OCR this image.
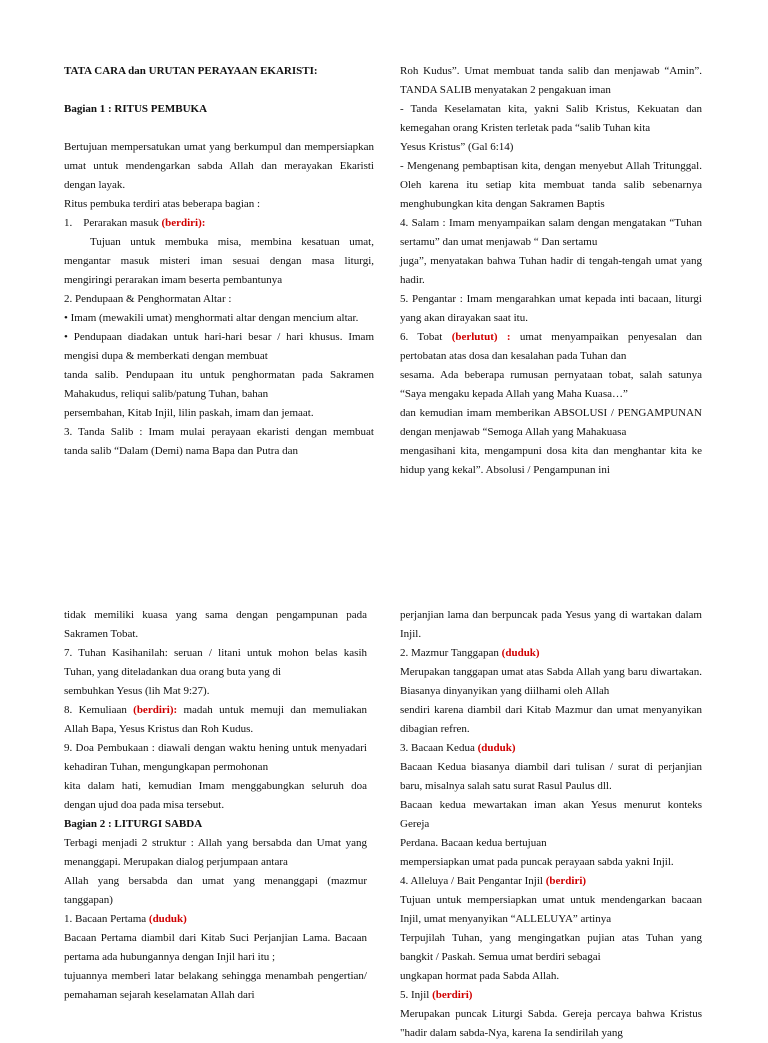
TATA CARA dan URUTAN PERAYAAN EKARISTI:
Bagian 1 : RITUS PEMBUKA
Bertujuan mempersatukan umat yang berkumpul dan mempersiapkan
umat untuk mendengarkan sabda Allah dan merayakan Ekaristi
dengan layak.
Ritus pembuka terdiri atas beberapa bagian :
1. Perarakan masuk (berdiri):
Tujuan untuk membuka misa, membina kesatuan umat,
mengantar masuk misteri iman sesuai dengan masa liturgi,
mengiringi perarakan imam beserta pembantunya
2. Pendupaan & Penghormatan Altar :
• Imam (mewakili umat) menghormati altar dengan mencium altar.
• Pendupaan diadakan untuk hari-hari besar / hari khusus. Imam
mengisi dupa & memberkati dengan membuat
tanda salib. Pendupaan itu untuk penghormatan pada Sakramen
Mahakudus, reliqui salib/patung Tuhan, bahan
persembahan, Kitab Injil, lilin paskah, imam dan jemaat.
3. Tanda Salib : Imam mulai perayaan ekaristi dengan membuat
tanda salib “Dalam (Demi) nama Bapa dan Putra dan
Roh Kudus”. Umat membuat tanda salib dan menjawab “Amin”.
TANDA SALIB menyatakan 2 pengakuan iman
- Tanda Keselamatan kita, yakni Salib Kristus, Kekuatan dan
kemegahan orang Kristen terletak pada “salib Tuhan kita
Yesus Kristus” (Gal 6:14)
- Mengenang pembaptisan kita, dengan menyebut Allah Tritunggal.
Oleh karena itu setiap kita membuat tanda salib sebenarnya
menghubungkan kita dengan Sakramen Baptis
4. Salam : Imam menyampaikan salam dengan mengatakan “Tuhan
sertamu” dan umat menjawab “ Dan sertamu
juga”, menyatakan bahwa Tuhan hadir di tengah-tengah umat yang
hadir.
5. Pengantar : Imam mengarahkan umat kepada inti bacaan, liturgi
yang akan dirayakan saat itu.
6. Tobat (berlutut) : umat menyampaikan penyesalan dan
pertobatan atas dosa dan kesalahan pada Tuhan dan
sesama. Ada beberapa rumusan pernyataan tobat, salah satunya
“Saya mengaku kepada Allah yang Maha Kuasa…”
dan kemudian imam memberikan ABSOLUSI / PENGAMPUNAN
dengan menjawab “Semoga Allah yang Mahakuasa
mengasihani kita, mengampuni dosa kita dan menghantar kita ke
hidup yang kekal”. Absolusi / Pengampunan ini
tidak memiliki kuasa yang sama dengan pengampunan pada
Sakramen Tobat.
7. Tuhan Kasihanilah: seruan / litani untuk mohon belas kasih
Tuhan, yang diteladankan dua orang buta yang di
sembuhkan Yesus (lih Mat 9:27).
8. Kemuliaan (berdiri): madah untuk memuji dan memuliakan
Allah Bapa, Yesus Kristus dan Roh Kudus.
9. Doa Pembukaan : diawali dengan waktu hening untuk menyadari
kehadiran Tuhan, mengungkapan permohonan
kita dalam hati, kemudian Imam menggabungkan seluruh doa
dengan ujud doa pada misa tersebut.
Bagian 2 : LITURGI SABDA
Terbagi menjadi 2 struktur : Allah yang bersabda dan Umat yang
menanggapi. Merupakan dialog perjumpaan antara
Allah yang bersabda dan umat yang menanggapi (mazmur
tanggapan)
1. Bacaan Pertama (duduk)
Bacaan Pertama diambil dari Kitab Suci Perjanjian Lama. Bacaan
pertama ada hubungannya dengan Injil hari itu ;
tujuannya memberi latar belakang sehingga menambah pengertian/
pemahaman sejarah keselamatan Allah dari
perjanjian lama dan berpuncak pada Yesus yang di wartakan dalam
Injil.
2. Mazmur Tanggapan (duduk)
Merupakan tanggapan umat atas Sabda Allah yang baru diwartakan.
Biasanya dinyanyikan yang diilhami oleh Allah
sendiri karena diambil dari Kitab Mazmur dan umat menyanyikan
dibagian refren.
3. Bacaan Kedua (duduk)
Bacaan Kedua biasanya diambil dari tulisan / surat di perjanjian
baru, misalnya salah satu surat Rasul Paulus dll.
Bacaan kedua mewartakan iman akan Yesus menurut konteks Gereja
Perdana. Bacaan kedua bertujuan
mempersiapkan umat pada puncak perayaan sabda yakni Injil.
4. Alleluya / Bait Pengantar Injil (berdiri)
Tujuan untuk mempersiapkan umat untuk mendengarkan bacaan
Injil, umat menyanyikan “ALLELUYA” artinya
Terpujilah Tuhan, yang mengingatkan pujian atas Tuhan yang
bangkit / Paskah. Semua umat berdiri sebagai
ungkapan hormat pada Sabda Allah.
5. Injil (berdiri)
Merupakan puncak Liturgi Sabda. Gereja percaya bahwa Kristus
"hadir dalam sabda-Nya, karena Ia sendirilah yang
